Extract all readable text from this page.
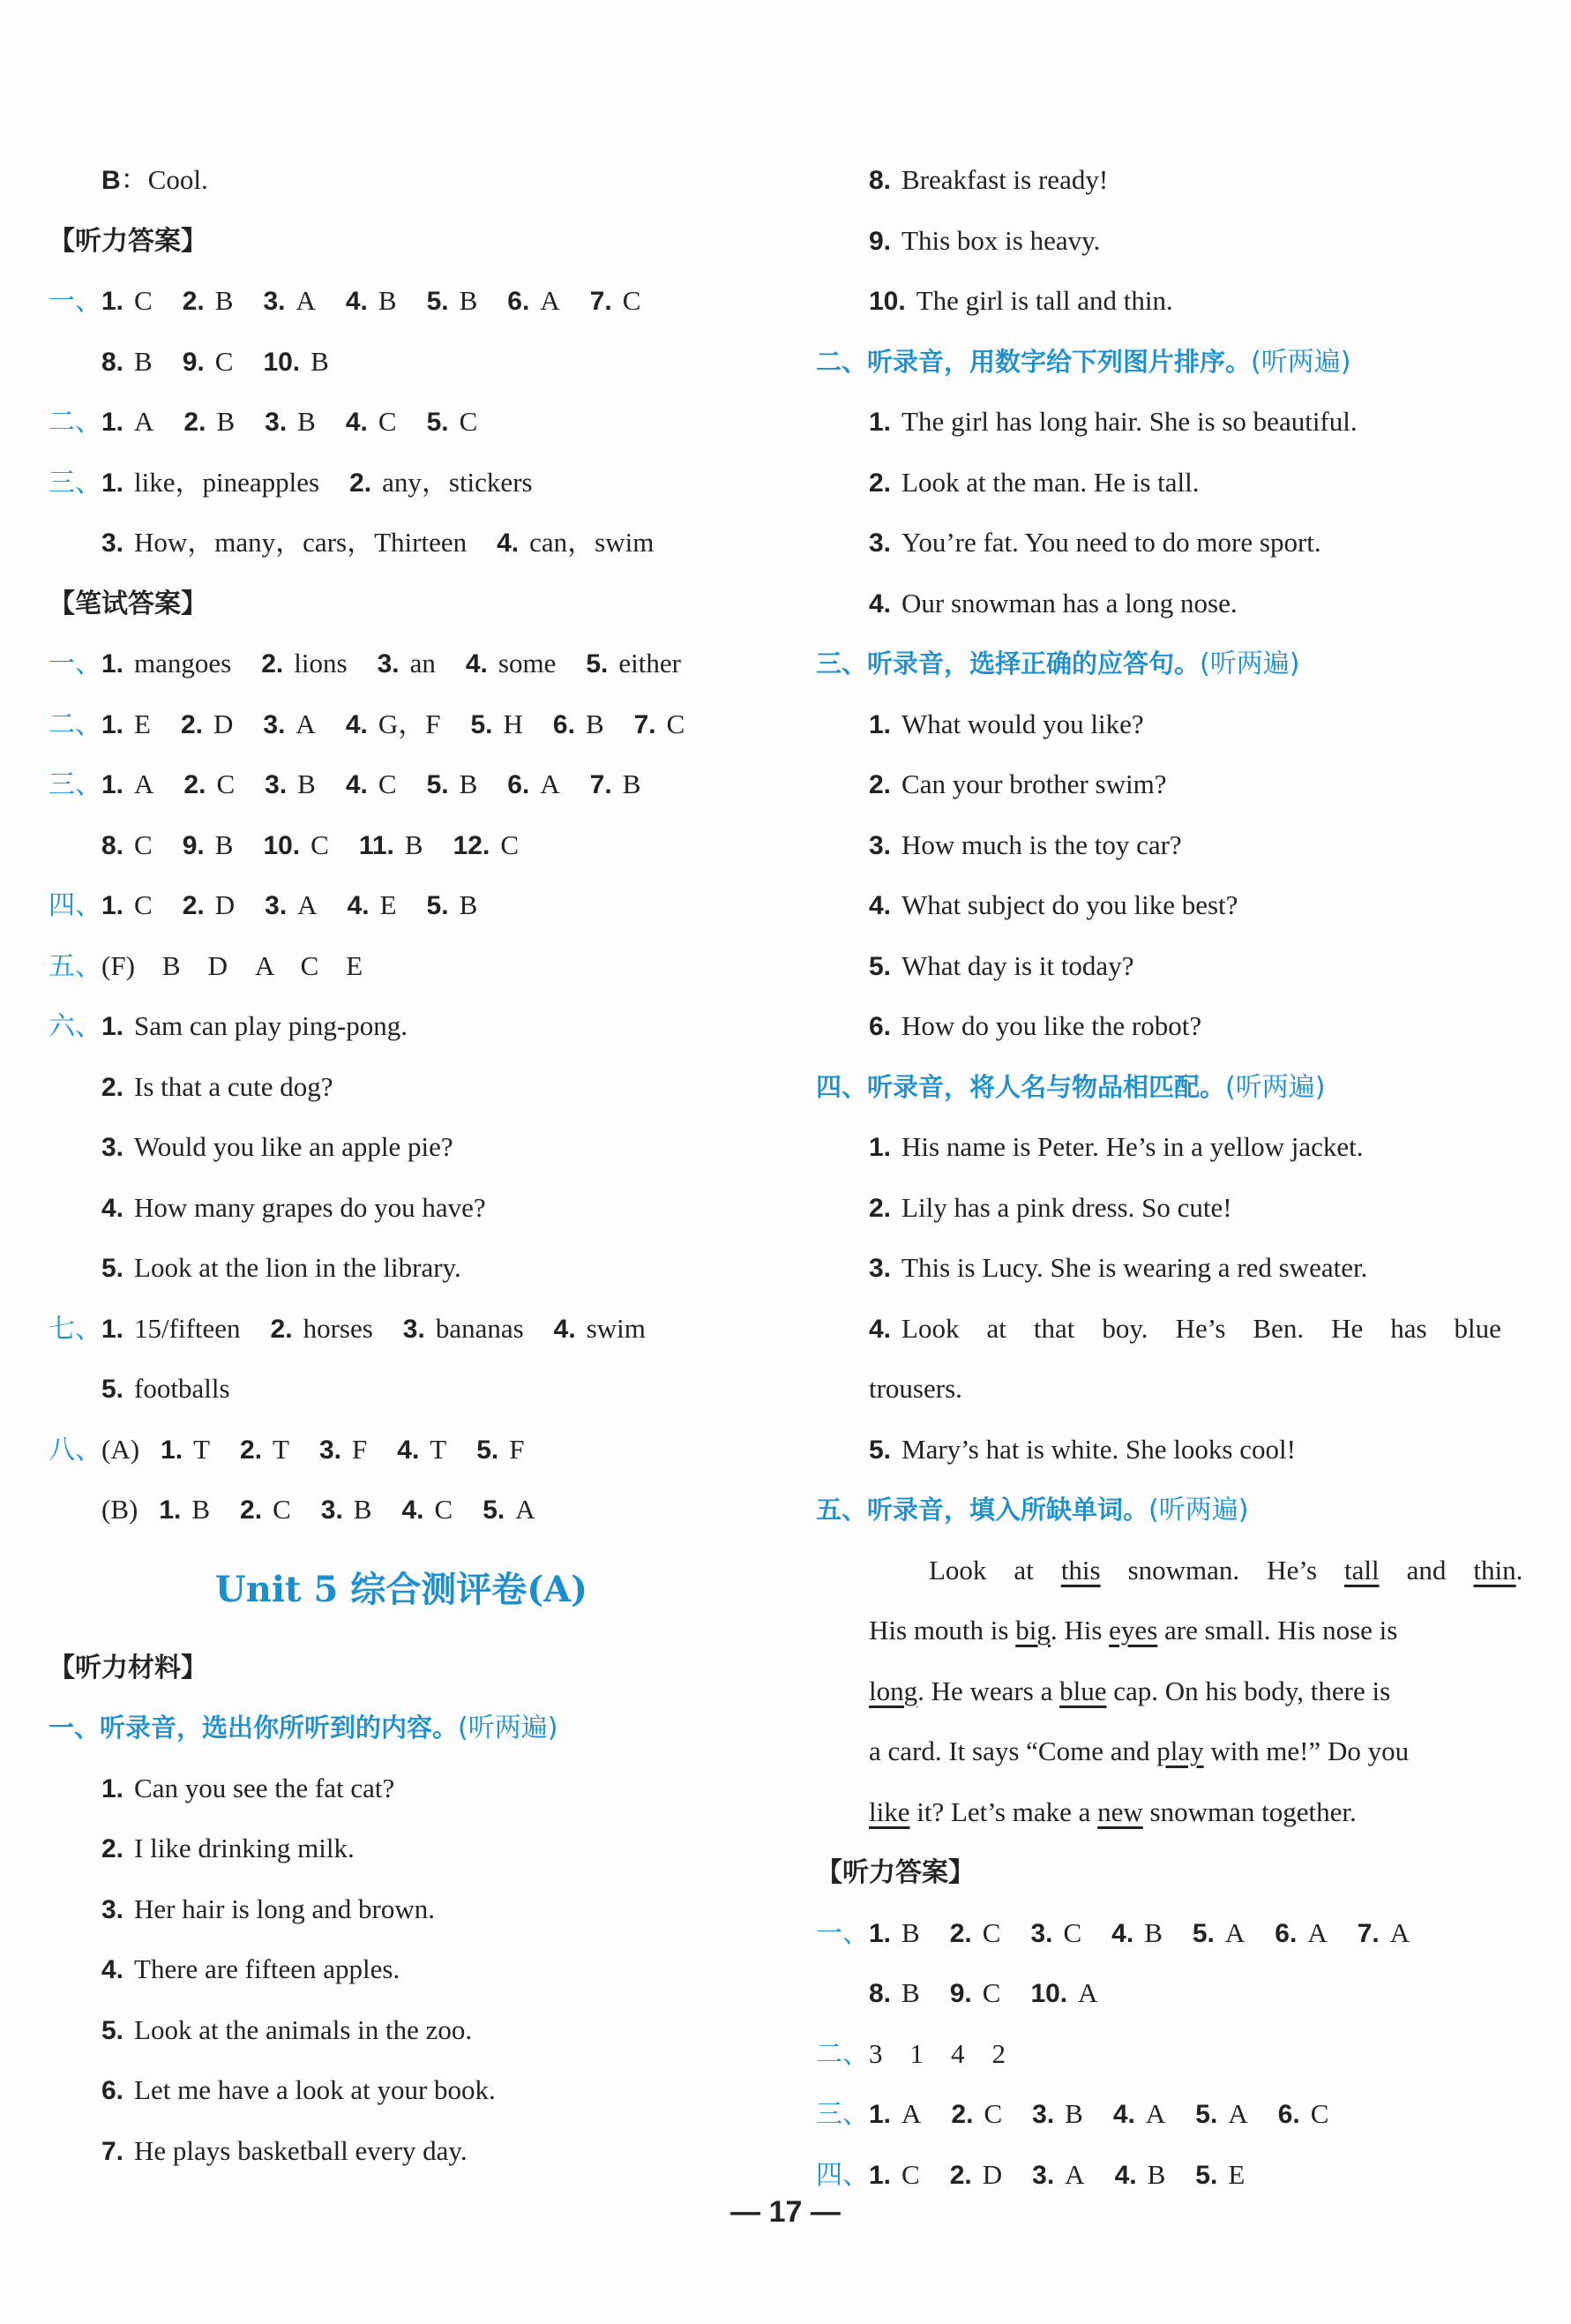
B：Cool.
【听力答案】
一、1. C 2. B 3. A 4. B 5. B 6. A 7. C
8. B 9. C 10. B
二、1. A 2. B 3. B 4. C 5. C
三、1. like，pineapples 2. any，stickers
3. How，many，cars，Thirteen 4. can，swim
【笔试答案】
一、1. mangoes 2. lions 3. an 4. some 5. either
二、1. E 2. D 3. A 4. G，F 5. H 6. B 7. C
三、1. A 2. C 3. B 4. C 5. B 6. A 7. B
8. C 9. B 10. C 11. B 12. C
四、1. C 2. D 3. A 4. E 5. B
五、(F)　B　D　A　C　E
六、1. Sam can play ping-pong.
2. Is that a cute dog?
3. Would you like an apple pie?
4. How many grapes do you have?
5. Look at the lion in the library.
七、1. 15/fifteen 2. horses 3. bananas 4. swim
5. footballs
八、(A) 1. T 2. T 3. F 4. T 5. F
(B) 1. B 2. C 3. B 4. C 5. A
Unit 5 综合测评卷(A)
【听力材料】
一、听录音，选出你所听到的内容。(听两遍)
1. Can you see the fat cat?
2. I like drinking milk.
3. Her hair is long and brown.
4. There are fifteen apples.
5. Look at the animals in the zoo.
6. Let me have a look at your book.
7. He plays basketball every day.
8. Breakfast is ready!
9. This box is heavy.
10. The girl is tall and thin.
二、听录音，用数字给下列图片排序。(听两遍)
1. The girl has long hair. She is so beautiful.
2. Look at the man. He is tall.
3. You’re fat. You need to do more sport.
4. Our snowman has a long nose.
三、听录音，选择正确的应答句。(听两遍)
1. What would you like?
2. Can your brother swim?
3. How much is the toy car?
4. What subject do you like best?
5. What day is it today?
6. How do you like the robot?
四、听录音，将人名与物品相匹配。(听两遍)
1. His name is Peter. He’s in a yellow jacket.
2. Lily has a pink dress. So cute!
3. This is Lucy. She is wearing a red sweater.
4. Look　at　that　boy.　He’s　Ben.　He　has　blue
trousers.
5. Mary’s hat is white. She looks cool!
五、听录音，填入所缺单词。(听两遍)
Look　at　this　snowman.　He’s　tall　and　thin.
His mouth is big. His eyes are small. His nose is
long. He wears a blue cap. On his body, there is
a card. It says “Come and play with me!” Do you
like it? Let’s make a new snowman together.
【听力答案】
一、1. B 2. C 3. C 4. B 5. A 6. A 7. A
8. B 9. C 10. A
二、3　1　4　2
三、1. A 2. C 3. B 4. A 5. A 6. C
四、1. C 2. D 3. A 4. B 5. E
— 17 —
